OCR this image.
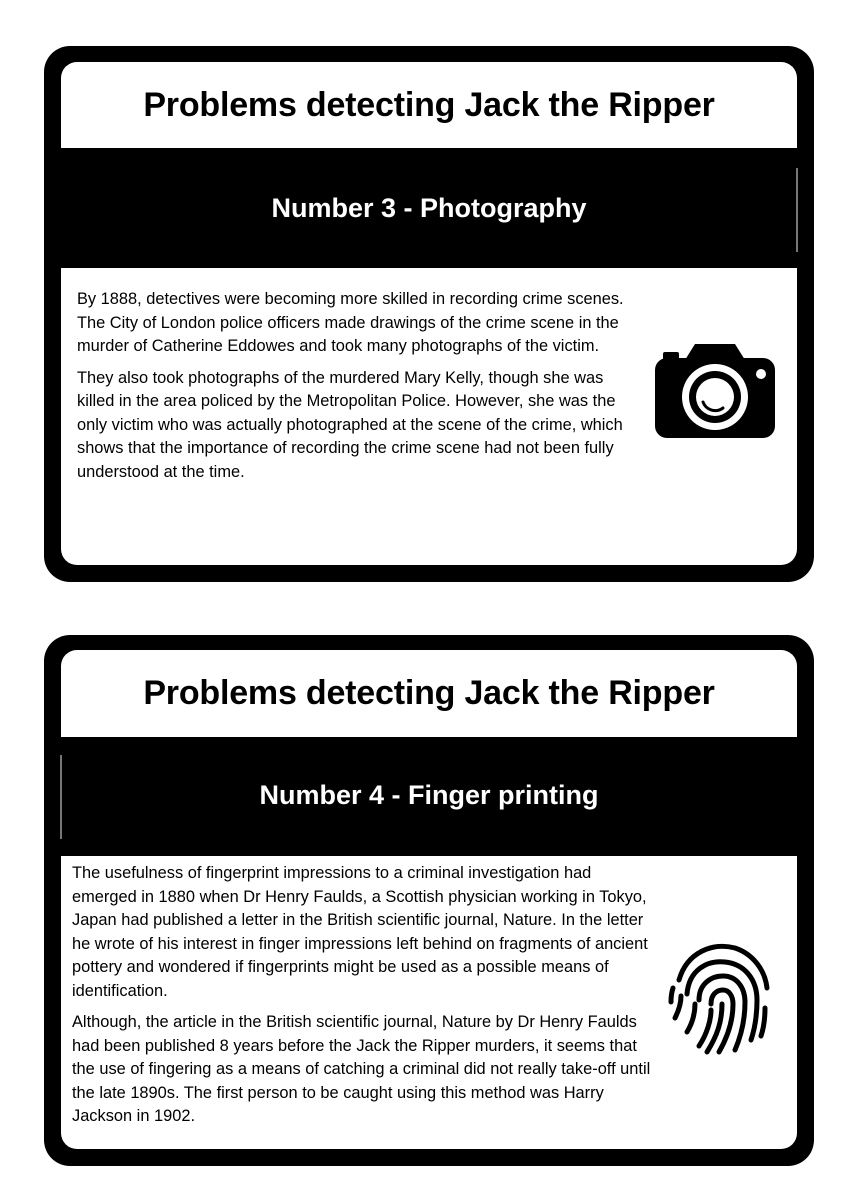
Problems detecting Jack the Ripper
Number 3 - Photography

By 1888, detectives were becoming more skilled in recording crime scenes. The City of London police officers made drawings of the crime scene in the murder of Catherine Eddowes and took many photographs of the victim.

They also took photographs of the murdered Mary Kelly, though she was killed in the area policed by the Metropolitan Police. However, she was the only victim who was actually photographed at the scene of the crime, which shows that the importance of recording the crime scene had not been fully understood at the time.

Problems detecting Jack the Ripper
Number 4 - Finger printing

The usefulness of fingerprint impressions to a criminal investigation had emerged in 1880 when Dr Henry Faulds, a Scottish physician working in Tokyo, Japan had published a letter in the British scientific journal, Nature. In the letter he wrote of his interest in finger impressions left behind on fragments of ancient pottery and wondered if fingerprints might be used as a possible means of identification.

Although, the article in the British scientific journal, Nature by Dr Henry Faulds had been published 8 years before the Jack the Ripper murders, it seems that the use of fingering as a means of catching a criminal did not really take-off until the late 1890s. The first person to be caught using this method was Harry Jackson in 1902.
